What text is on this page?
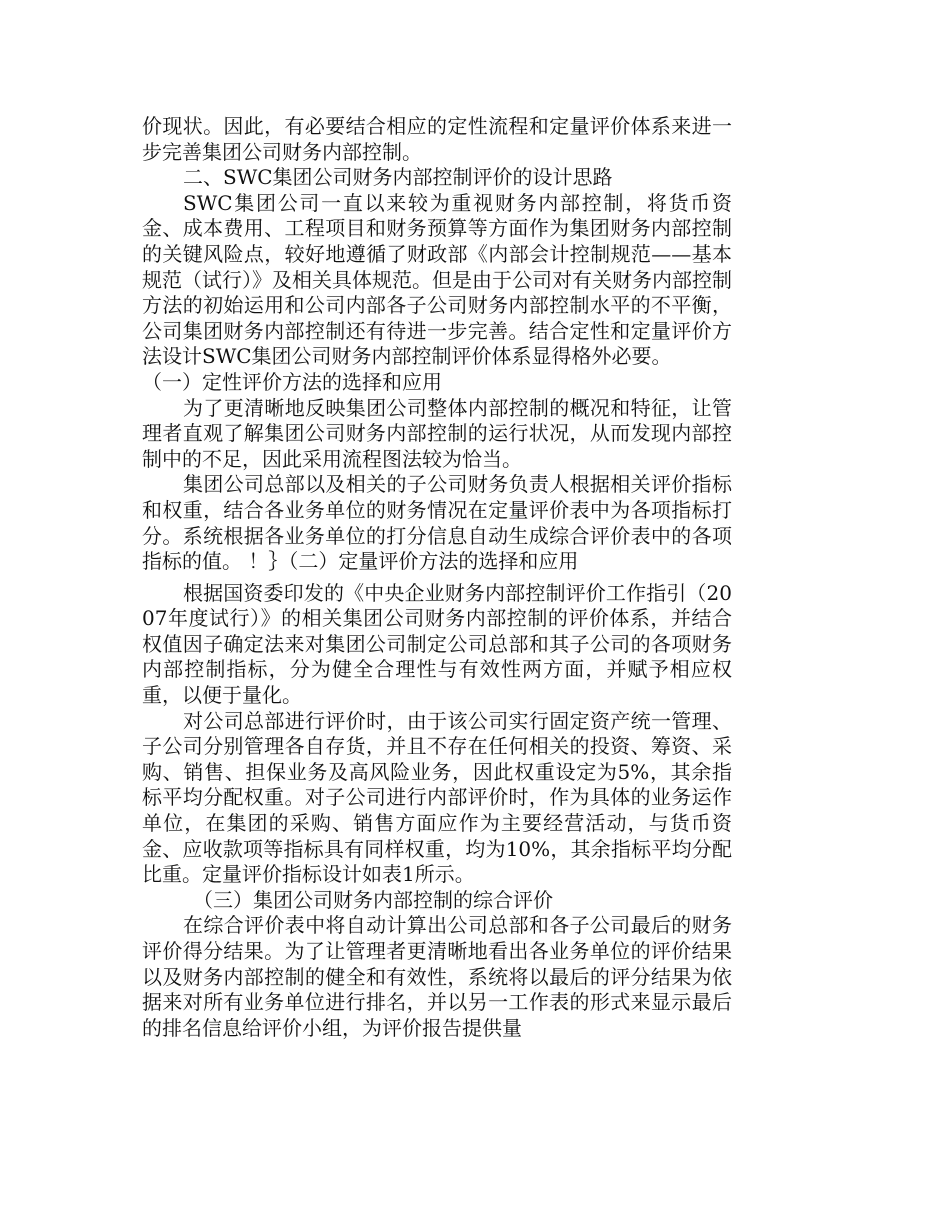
价现状。因此，有必要结合相应的定性流程和定量评价体系来进一步完善集团公司财务内部控制。

二、SWC集团公司财务内部控制评价的设计思路

SWC集团公司一直以来较为重视财务内部控制，将货币资金、成本费用、工程项目和财务预算等方面作为集团财务内部控制的关键风险点，较好地遵循了财政部《内部会计控制规范——基本规范（试行）》及相关具体规范。但是由于公司对有关财务内部控制方法的初始运用和公司内部各子公司财务内部控制水平的不平衡，公司集团财务内部控制还有待进一步完善。结合定性和定量评价方法设计SWC集团公司财务内部控制评价体系显得格外必要。

（一）定性评价方法的选择和应用

为了更清晰地反映集团公司整体内部控制的概况和特征，让管理者直观了解集团公司财务内部控制的运行状况，从而发现内部控制中的不足，因此采用流程图法较为恰当。

集团公司总部以及相关的子公司财务负责人根据相关评价指标和权重，结合各业务单位的财务情况在定量评价表中为各项指标打分。系统根据各业务单位的打分信息自动生成综合评价表中的各项指标的值。 ！｝（二）定量评价方法的选择和应用

根据国资委印发的《中央企业财务内部控制评价工作指引（2007年度试行）》的相关集团公司财务内部控制的评价体系，并结合权值因子确定法来对集团公司制定公司总部和其子公司的各项财务内部控制指标，分为健全合理性与有效性两方面，并赋予相应权重，以便于量化。

对公司总部进行评价时，由于该公司实行固定资产统一管理、子公司分别管理各自存货，并且不存在任何相关的投资、筹资、采购、销售、担保业务及高风险业务，因此权重设定为5%，其余指标平均分配权重。对子公司进行内部评价时，作为具体的业务运作单位，在集团的采购、销售方面应作为主要经营活动，与货币资金、应收款项等指标具有同样权重，均为10%，其余指标平均分配比重。定量评价指标设计如表1所示。

（三）集团公司财务内部控制的综合评价

在综合评价表中将自动计算出公司总部和各子公司最后的财务评价得分结果。为了让管理者更清晰地看出各业务单位的评价结果以及财务内部控制的健全和有效性，系统将以最后的评分结果为依据来对所有业务单位进行排名，并以另一工作表的形式来显示最后的排名信息给评价小组，为评价报告提供量
